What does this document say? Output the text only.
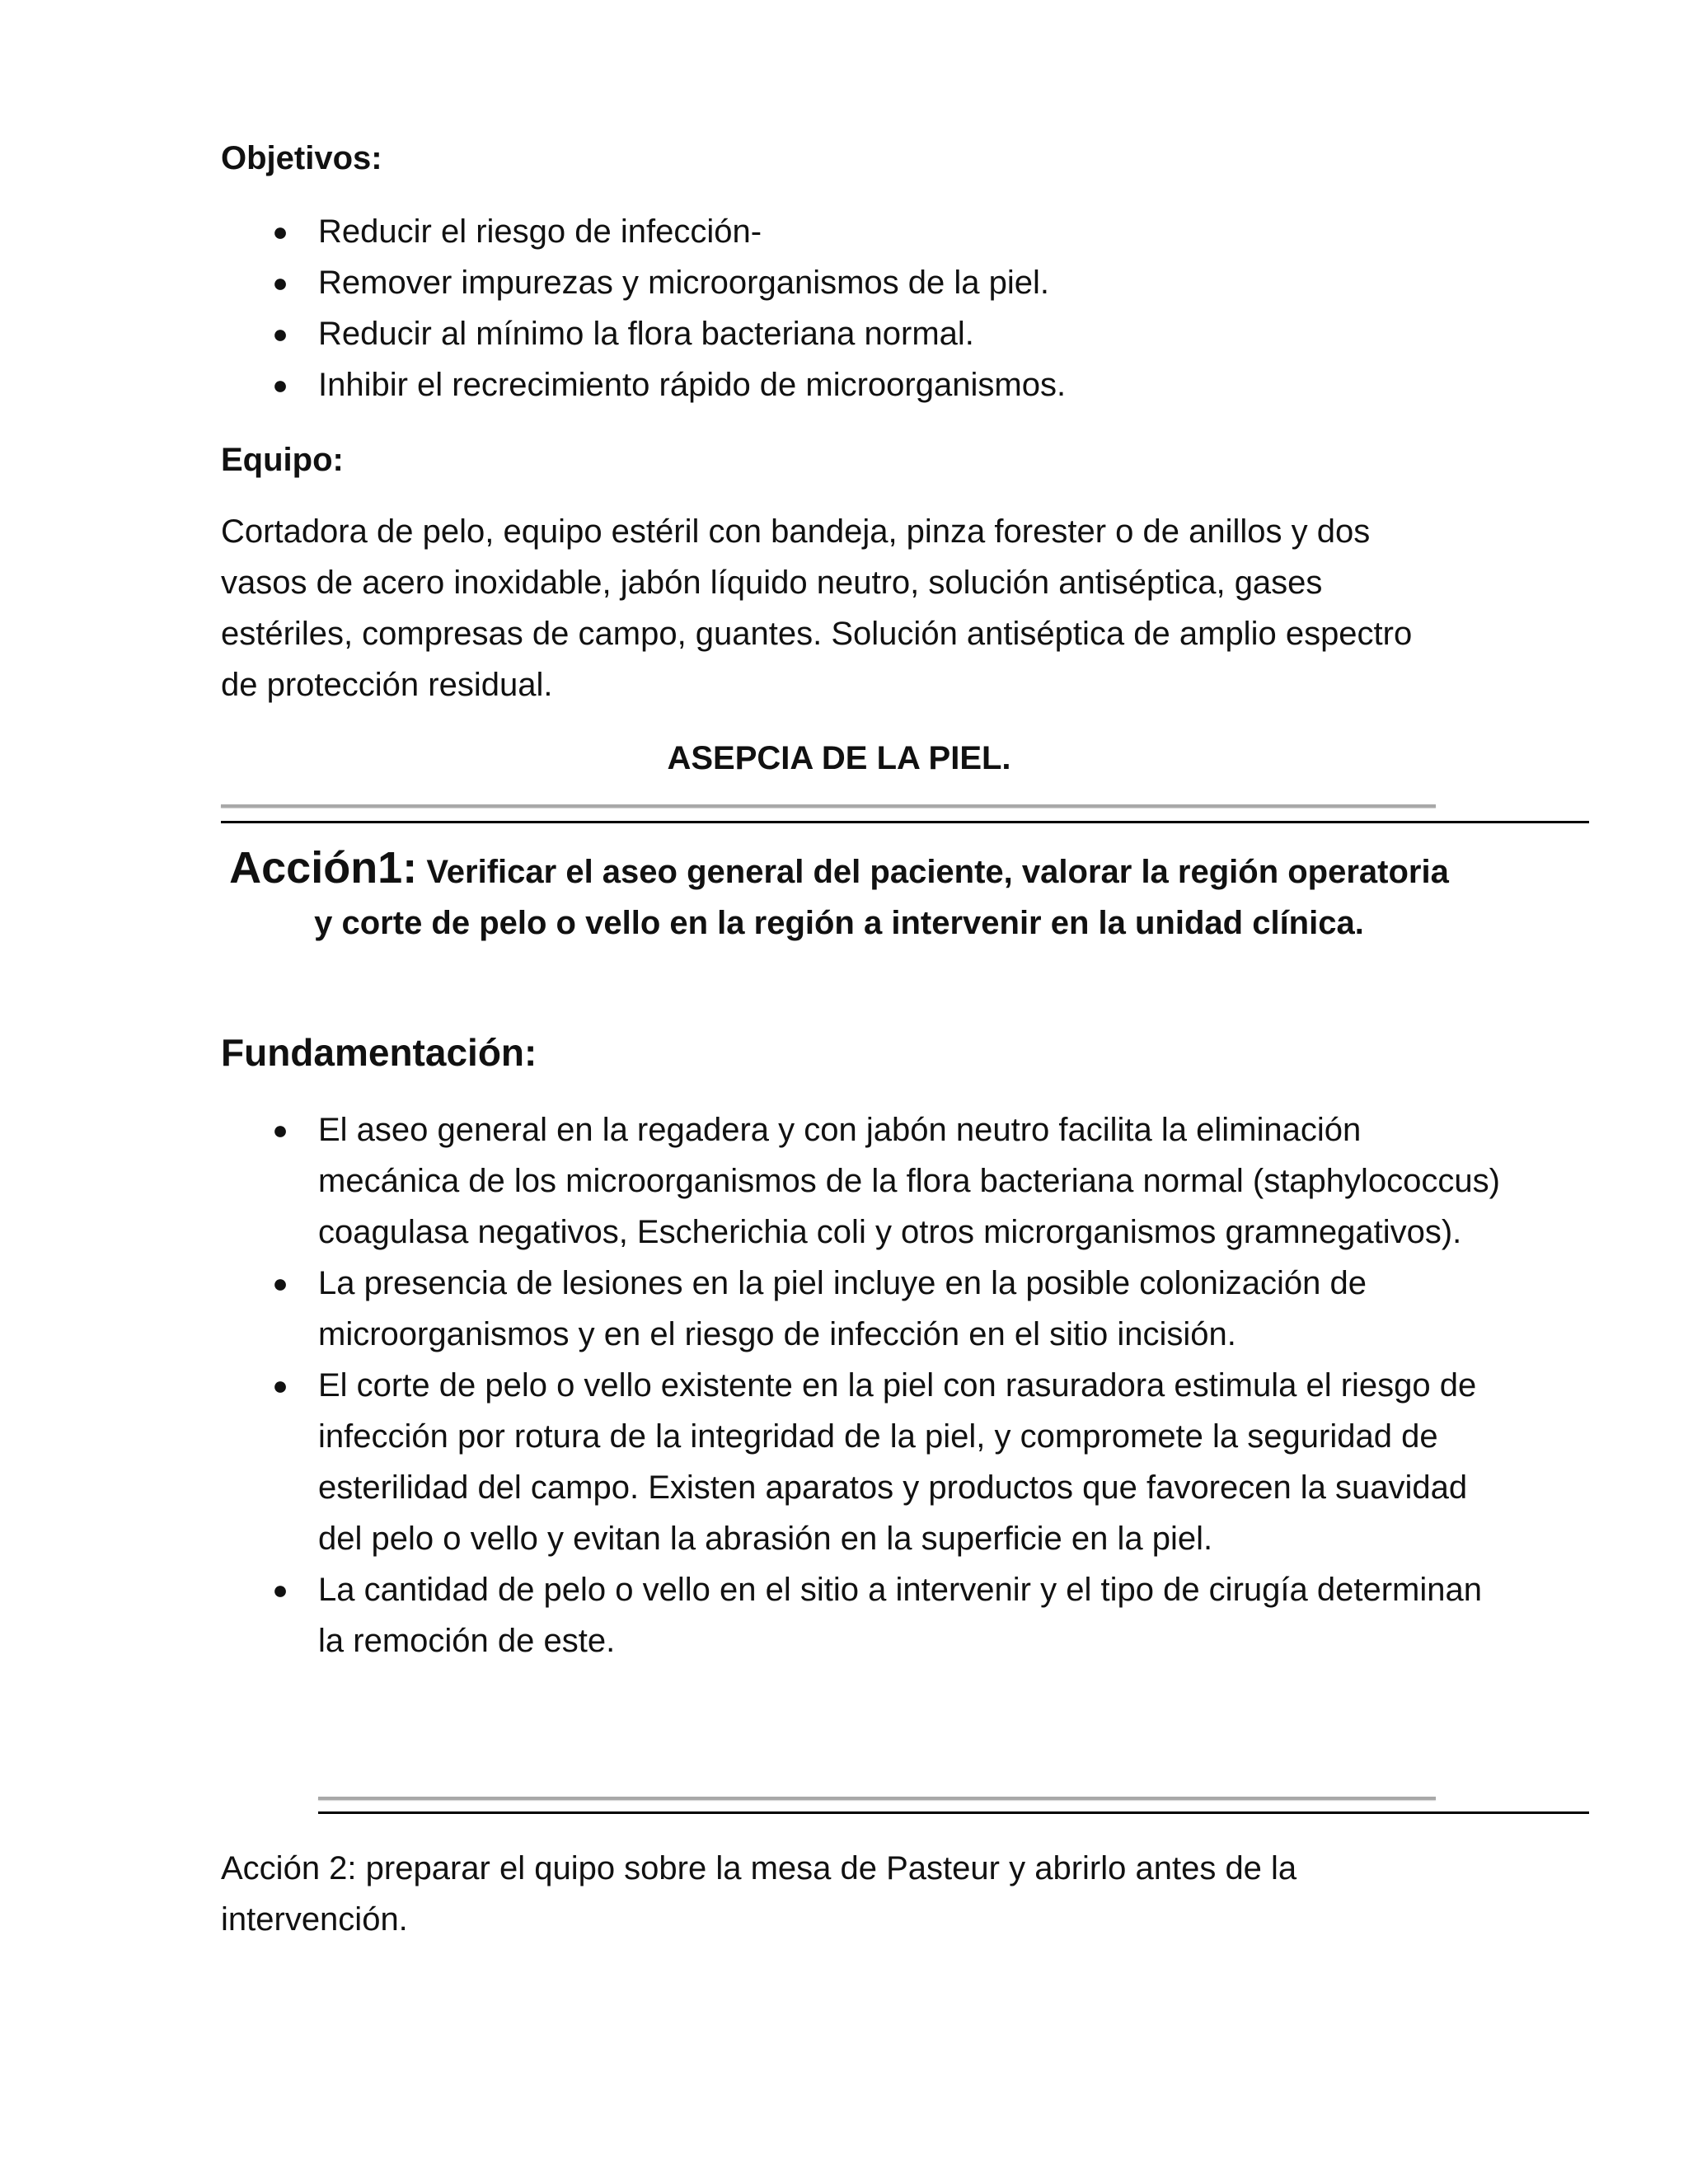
Objetivos:

● Reducir el riesgo de infección-
● Remover impurezas y microorganismos de la piel.
● Reducir al mínimo la flora bacteriana normal.
● Inhibir el recrecimiento rápido de microorganismos.

Equipo:

Cortadora de pelo, equipo estéril con bandeja, pinza forester o de anillos y dos vasos de acero inoxidable, jabón líquido neutro, solución antiséptica, gases estériles, compresas de campo, guantes. Solución antiséptica de amplio espectro de protección residual.

ASEPCIA DE LA PIEL.

Acción1: Verificar el aseo general del paciente, valorar la región operatoria y corte de pelo o vello en la región a intervenir en la unidad clínica.

Fundamentación:

● El aseo general en la regadera y con jabón neutro facilita la eliminación mecánica de los microorganismos de la flora bacteriana normal (staphylococcus) coagulasa negativos, Escherichia coli y otros microrganismos gramnegativos).
● La presencia de lesiones en la piel incluye en la posible colonización de microorganismos y en el riesgo de infección en el sitio incisión.
● El corte de pelo o vello existente en la piel con rasuradora estimula el riesgo de infección por rotura de la integridad de la piel, y compromete la seguridad de esterilidad del campo. Existen aparatos y productos que favorecen la suavidad del pelo o vello y evitan la abrasión en la superficie en la piel.
● La cantidad de pelo o vello en el sitio a intervenir y el tipo de cirugía determinan la remoción de este.

Acción 2: preparar el quipo sobre la mesa de Pasteur y abrirlo antes de la intervención.
